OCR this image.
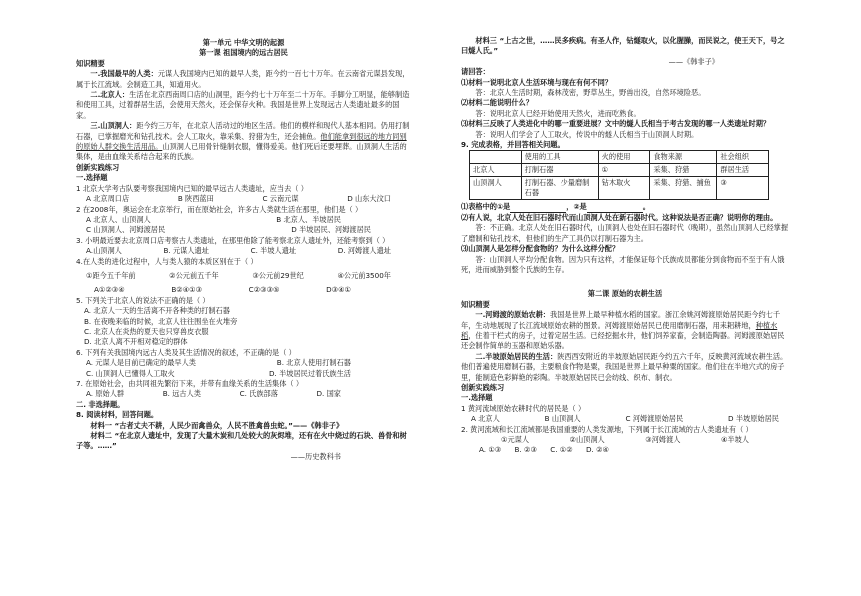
第一单元 中华文明的起源

第一课 祖国境内的远古居民

知识精要

一.我国最早的人类：元谋人我国境内已知的最早人类，距今约一百七十万年。在云南省元谋县发现，属于长江流域。会制造工具，知道用火。

二.北京人：生活在北京西南周口店的山洞里，距今约七十万年至二十万年。手脚分工明显，能够制造和使用工具，过着群居生活，会使用天然火，还会保存火种。我国是世界上发现远古人类遗址最多的国家。

三.山顶洞人：距今约三万年，在北京人活动过的地区生活。他们的模样和现代人基本相同。仍用打制石器，已掌握磨光和钻孔技术。会人工取火，靠采集、狩猎为生，还会捕鱼。他们能拿到很远的地方同别的原始人群交换生活用品。山顶洞人已用骨针缝制衣服，懂得爱美。他们死后还要埋葬。山顶洞人生活的集体，是由血缘关系结合起来的氏族。

创新实践练习

一.选择题

1 北京大学考古队要考察我国境内已知的最早远古人类遗址，应当去（ ）

A 北京周口店	B 陕西蓝田	C 云南元谋	D 山东大汶口

2 在2008年，奥运会在北京举行，而在原始社会，许多古人类就生活在那里，他们是（ ）

A 北京人、山顶洞人	B 北京人、半坡居民
C 山顶洞人、河姆渡居民	D 半坡居民、河姆渡居民

3. 小明最近要去北京周口店考察古人类遗址，在那里他除了能考察北京人遗址外，还能考察到（ ）

A.山顶洞人	B. 元谋人遗址	C. 半坡人遗址	D. 河姆渡人遗址

4.在人类的进化过程中，人与类人猿的本质区别在于（ ）

①距今五千年前	②公元前五千年	③公元前29世纪	④公元前3500年
A①②③④	B②④①③	C②③③⑤	D③④①

5. 下列关于北京人的说法不正确的是（ ）

A. 北京人一天的生活离不开各种类的打制石器

B. 在夜晚来临的时候，北京人往往围坐在火堆旁

C. 北京人在炎热的夏天也只穿兽皮衣服

D. 北京人离不开相对稳定的群体

6. 下列有关我国境内远古人类及其生活情况的叙述，不正确的是（ ）

A. 元谋人是目前已确定的最早人类	B. 北京人使用打制石器
C. 山顶洞人已懂得人工取火	D. 半坡居民过着氏族生活

7. 在原始社会，由共同祖先繁衍下来，并带有血缘关系的生活集体（ ）

A. 原始人群	B. 远古人类	C. 氏族部落	D. 国家

二. 非选择题。

8. 阅读材料，回答问题。

材料一 “古者丈夫不耕，人民少而禽兽众，人民不胜禽兽虫蛇。”——《韩非子》

材料二 “在北京人遗址中，发现了大量木炭和几处较大的灰烬堆，还有在火中烧过的石块、兽骨和树子等。……”

——历史教科书

材料三 “上古之世，……民多疾病。有圣人作，钻燧取火，以化腥臊，而民说之，使王天下，号之曰燧人氏。”

——《韩非子》

请回答：

⑴材料一说明北京人生活环境与现在有何不同？

答：北京人生活时期，森林茂密，野草丛生，野兽出没，自然环境险恶。

⑵材料二能说明什么？

答：说明北京人已经开始使用天然火，进而吃熟食。

⑶材料三反映了人类进化中的哪一重要进展？文中的燧人氏相当于考古发现的哪一人类遗址时期？

答：说明人们学会了人工取火，传说中的燧人氏相当于山顶洞人时期。

9. 完成表格，并回答相关问题。

	使用的工具	火的使用	食物来源	社会组织
北京人	打制石器	①	采集、狩猎	群居生活
山顶洞人	打制石器、少量磨制石器	钻木取火	采集、狩猎、捕鱼	③

⑴表格中的①是	，②是	。

⑵有人说，北京人处在旧石器时代而山顶洞人处在新石器时代。这种说法是否正确？说明你的理由。

答：不正确。北京人处在旧石器时代，山顶洞人也处在旧石器时代（晚期），虽然山顶洞人已经掌握了磨制和钻孔技术，但他们的生产工具仍以打制石器为主。

⑶山顶洞人是怎样分配食物的？为什么这样分配？

答：山顶洞人平均分配食物。因为只有这样，才能保证每个氏族成员都能分到食物而不至于有人饿死，进而威胁到整个氏族的生存。

第二课 原始的农耕生活

知识精要

一.河姆渡的原始农耕：我国是世界上最早种植水稻的国家。浙江余姚河姆渡原始居民距今约七千年，生动地展现了长江流域原始农耕的图景。河姆渡原始居民已使用磨制石器，用耒耜耕地，种植水稻，住着干栏式的房子，过着定居生活。已经挖掘水井，他们饲养家畜，会制造陶器。河姆渡原始居民还会制作简单的玉器和原始乐器。

二.半坡原始居民的生活：陕西西安附近的半坡原始居民距今约五六千年，反映黄河流域农耕生活。他们普遍使用磨制石器，主要粮食作物是粟，我国是世界上最早种粟的国家。他们住在半地穴式的房子里，能制造色彩鲜艳的彩陶。半坡原始居民已会纺线、织布、制衣。

创新实践练习

一.选择题

1 黄河流域原始农耕时代的居民是（ ）

A 北京人	B 山顶洞人	C 河姆渡原始居民	D 半坡原始居民

2. 黄河流域和长江流域都是我国重要的人类发源地，下列属于长江流域的古人类遗址有（ ）

①元谋人	②山顶洞人	③河姆渡人	④半坡人
A. ①③ B. ②③ C. ①② D. ②④
